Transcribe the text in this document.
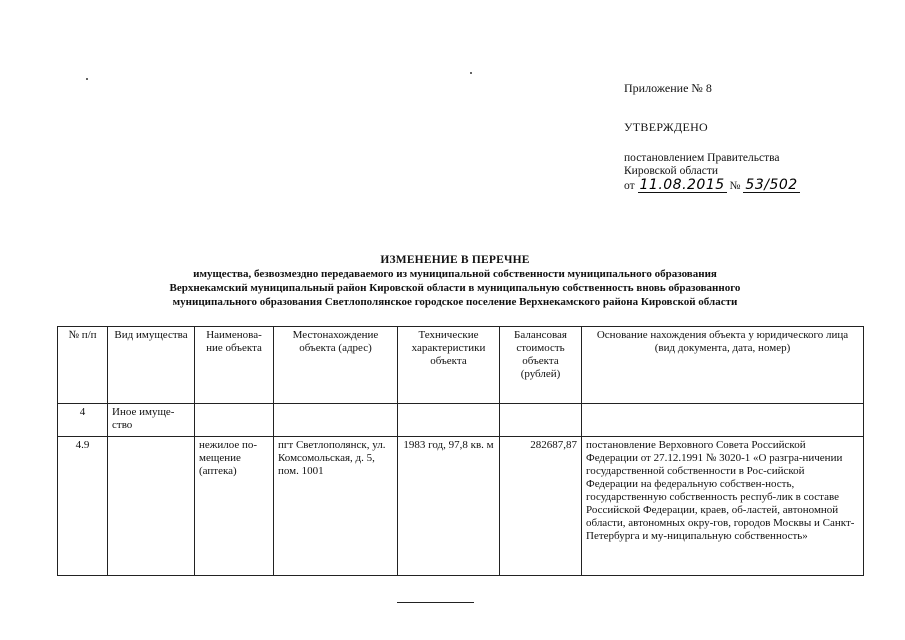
Приложение № 8
УТВЕРЖДЕНО
постановлением Правительства
Кировской области
от 11.08.2015 № 53/502
ИЗМЕНЕНИЕ В ПЕРЕЧНЕ
имущества, безвозмездно передаваемого из муниципальной собственности муниципального образования
Верхнекамский муниципальный район Кировской области в муниципальную собственность вновь образованного
муниципального образования Светлополянское городское поселение Верхнекамского района Кировской области
№ п/п	Вид имущества	Наименова-ние объекта	Местонахождение объекта (адрес)	Технические характеристики объекта	Балансовая стоимость объекта (рублей)	Основание нахождения объекта у юридического лица (вид документа, дата, номер)
4	Иное имуще-ство					
4.9		нежилое по-мещение (аптека)	пгт Светлополянск, ул. Комсомольская, д. 5, пом. 1001	1983 год, 97,8 кв. м	282687,87	постановление Верховного Совета Российской Федерации от 27.12.1991 № 3020-1 «О разгра-ничении государственной собственности в Рос-сийской Федерации на федеральную собствен-ность, государственную собственность респуб-лик в составе Российской Федерации, краев, об-ластей, автономной области, автономных окру-гов, городов Москвы и Санкт-Петербурга и му-ниципальную собственность»
